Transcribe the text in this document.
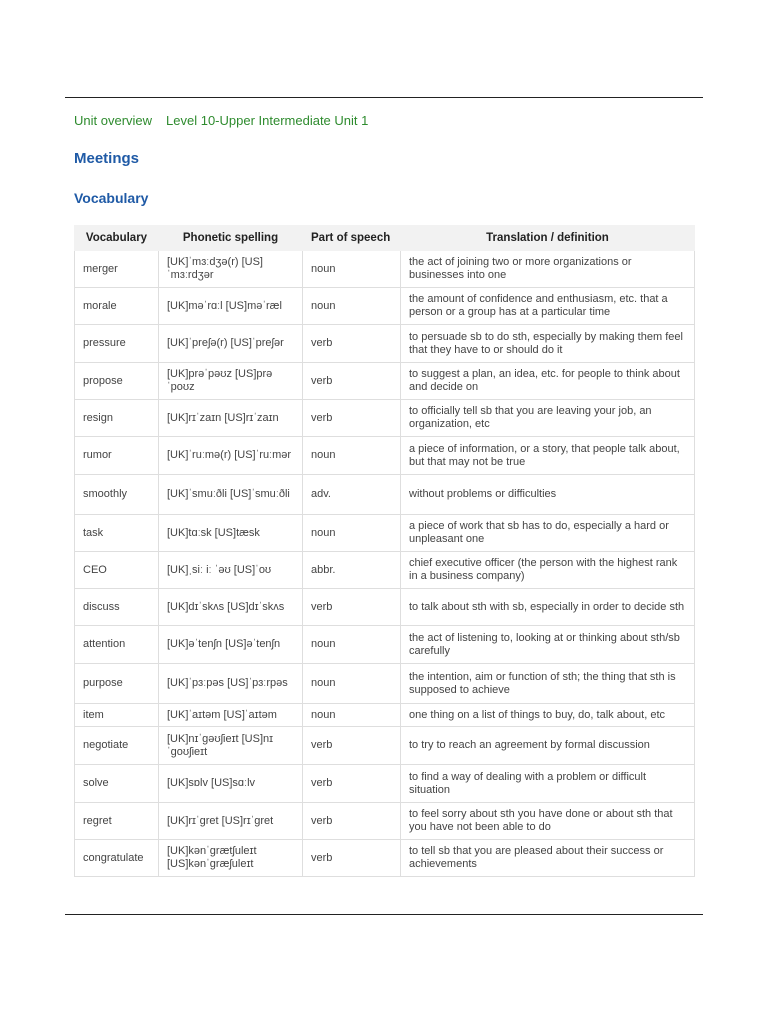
Unit overview Level 10-Upper Intermediate Unit 1
Meetings
Vocabulary
Vocabulary	Phonetic spelling	Part of speech	Translation / definition
merger	[UK]ˈmɜːdʒə(r) [US]ˈmɜːrdʒər	noun	the act of joining two or more organizations or businesses into one
morale	[UK]məˈrɑːl [US]məˈræl	noun	the amount of confidence and enthusiasm, etc. that a person or a group has at a particular time
pressure	[UK]ˈpreʃə(r) [US]ˈpreʃər	verb	to persuade sb to do sth, especially by making them feel that they have to or should do it
propose	[UK]prəˈpəʊz [US]prəˈpoʊz	verb	to suggest a plan, an idea, etc. for people to think about and decide on
resign	[UK]rɪˈzaɪn [US]rɪˈzaɪn	verb	to officially tell sb that you are leaving your job, an organization, etc
rumor	[UK]ˈruːmə(r) [US]ˈruːmər	noun	a piece of information, or a story, that people talk about, but that may not be true
smoothly	[UK]ˈsmuːðli [US]ˈsmuːðli	adv.	without problems or difficulties
task	[UK]tɑːsk [US]tæsk	noun	a piece of work that sb has to do, especially a hard or unpleasant one
CEO	[UK]ˌsiː iː ˈəʊ [US]ˈoʊ	abbr.	chief executive officer (the person with the highest rank in a business company)
discuss	[UK]dɪˈskʌs [US]dɪˈskʌs	verb	to talk about sth with sb, especially in order to decide sth
attention	[UK]əˈtenʃn [US]əˈtenʃn	noun	the act of listening to, looking at or thinking about sth/sb carefully
purpose	[UK]ˈpɜːpəs [US]ˈpɜːrpəs	noun	the intention, aim or function of sth; the thing that sth is supposed to achieve
item	[UK]ˈaɪtəm [US]ˈaɪtəm	noun	one thing on a list of things to buy, do, talk about, etc
negotiate	[UK]nɪˈgəʊʃieɪt [US]nɪˈgoʊʃieɪt	verb	to try to reach an agreement by formal discussion
solve	[UK]sɒlv [US]sɑːlv	verb	to find a way of dealing with a problem or difficult situation
regret	[UK]rɪˈgret [US]rɪˈgret	verb	to feel sorry about sth you have done or about sth that you have not been able to do
congratulate	[UK]kənˈgrætʃuleɪt [US]kənˈgræʃuleɪt	verb	to tell sb that you are pleased about their success or achievements
